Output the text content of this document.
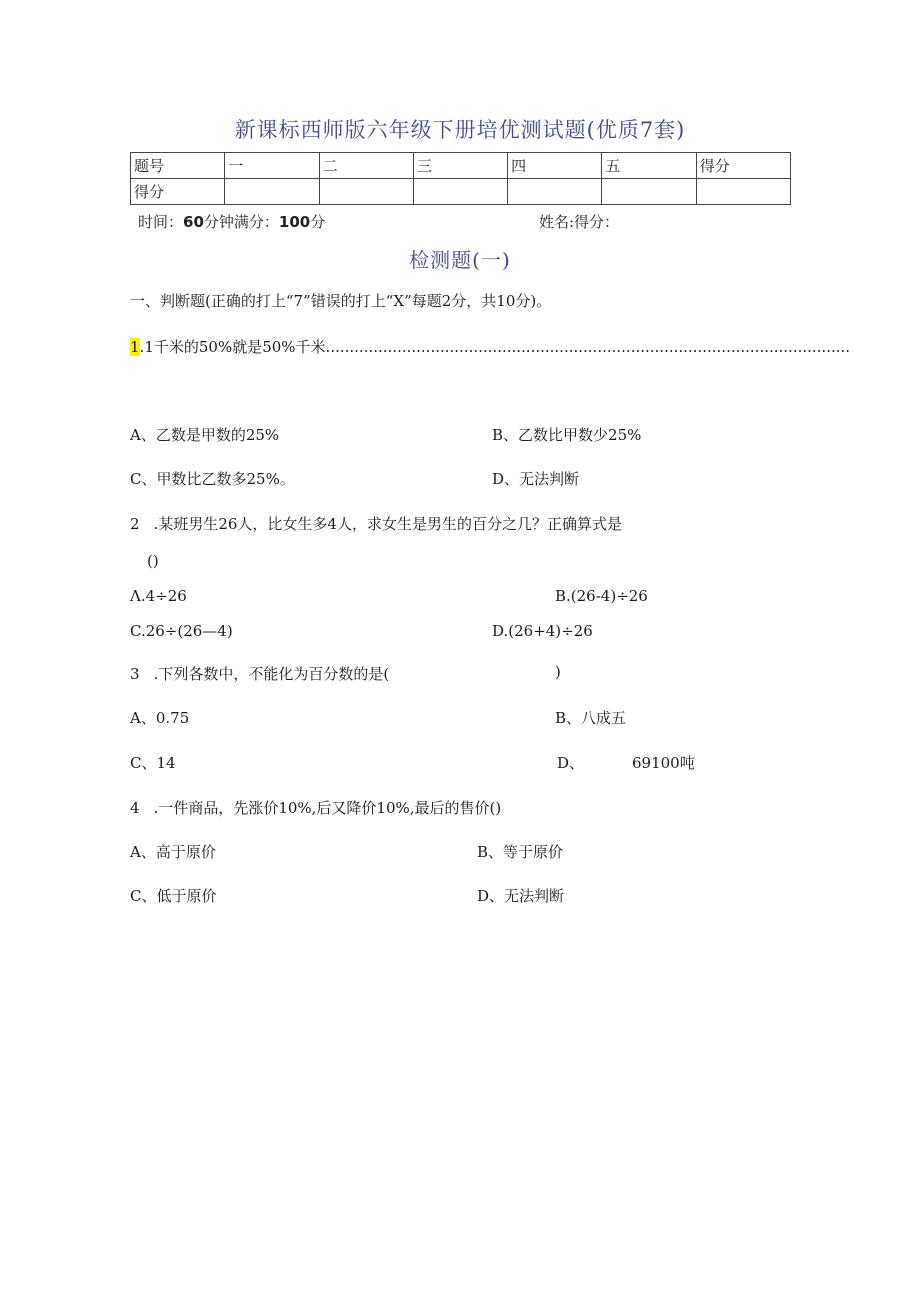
新课标西师版六年级下册培优测试题(优质7套)
题号	一	二	三	四	五	得分
得分						
时间：60分钟满分：100分	姓名:得分：
检测题(一)
一、判断题(正确的打上“7”错误的打上“X”每题2分，共10分)。
1.1千米的50%就是50%千米..............................................................................................................
A、乙数是甲数的25%	B、乙数比甲数少25%
C、甲数比乙数多25%。	D、无法判断
2 .某班男生26人，比女生多4人，求女生是男生的百分之几？正确算式是
()
Λ.4÷26	B.(26-4)÷26
C.26÷(26—4)	D.(26+4)÷26
3 .下列各数中，不能化为百分数的是(	)
A、0.75	B、八成五
C、14	D、	69100吨
4 .一件商品，先涨价10%,后又降价10%,最后的售价()
A、高于原价	B、等于原价
C、低于原价	D、无法判断
